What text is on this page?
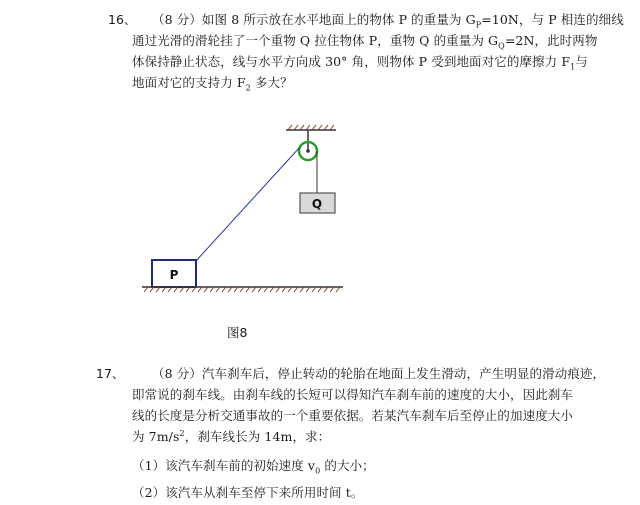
16、 （8 分）如图 8 所示放在水平地面上的物体 P 的重量为 $G_P=10N$，与 P 相连的细线
通过光滑的滑轮挂了一个重物 Q 拉住物体 P，重物 Q 的重量为 $G_Q=2N$，此时两物
体保持静止状态，线与水平方向成 30° 角，则物体 P 受到地面对它的摩擦力 $F_1$与
地面对它的支持力 $F_2$ 多大？
Q
P
图8
17、 （8 分）汽车刹车后，停止转动的轮胎在地面上发生滑动，产生明显的滑动痕迹，
即常说的刹车线。由刹车线的长短可以得知汽车刹车前的速度的大小，因此刹车
线的长度是分析交通事故的一个重要依据。若某汽车刹车后至停止的加速度大小
为 $7m/s^2$，刹车线长为 14m，求：
（1）该汽车刹车前的初始速度 $v_0$ 的大小；
（2）该汽车从刹车至停下来所用时间 t。
